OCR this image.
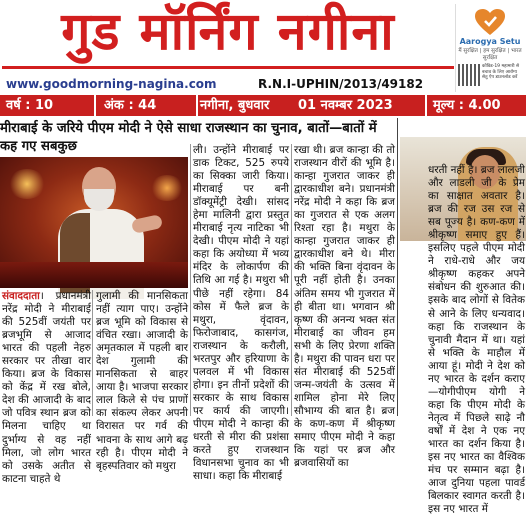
गुड मॉर्निंग नगीना
www.goodmorning-nagina.com	R.N.I-UPHIN/2013/49182
Aarogya Setu
मैं सुरक्षित | हम सुरक्षित | भारत सुरक्षित
कोविड-19 महामारी से बचाव के लिए आरोग्य सेतु ऐप डाउनलोड करें
वर्ष : 10	अंक : 44	नगीना, बुधवार 01 नवम्बर 2023	मूल्य : 4.00
मीराबाई के जरिये पीएम मोदी ने ऐसे साधा राजस्थान का चुनाव, बातों—बातों में कह गए सबकुछ
संवाददाता। प्रधानमंत्री नरेंद्र मोदी ने मीराबाई की 525वीं जयंती पर ब्रजभूमि से आजाद भारत की पहली नेहरु सरकार पर तीखा वार किया। ब्रज के विकास को केंद्र में रख बोले, देश की आजादी के बाद जो पवित्र स्थान ब्रज को मिलना चाहिए था दुर्भाग्य से वह नहीं मिला, जो लोग भारत को उसके अतीत से काटना चाहते थे
गुलामी की मानसिकता नहीं त्याग पाए। उन्होंने ब्रज भूमि को विकास से वंचित रखा। आजादी के अमृतकाल में पहली बार देश गुलामी की मानसिकता से बाहर आया है। भाजपा सरकार लाल किले से पंच प्राणों का संकल्प लेकर अपनी विरासत पर गर्व की भावना के साथ आगे बढ़ रही है। पीएम मोदी ने बृहस्पतिवार को मथुरा
ली। उन्होंने मीराबाई पर डाक टिकट, 525 रुपये का सिक्का जारी किया। मीराबाई पर बनी डॉक्यूमेंट्री देखी। सांसद हेमा मालिनी द्वारा प्रस्तुत मीराबाई नृत्य नाटिका भी देखी। पीएम मोदी ने यहां कहा कि अयोध्या में भव्य मंदिर के लोकार्पण की तिथि आ गई है। मथुरा भी पीछे नहीं रहेगा। 84 कोस में फैले ब्रज के मथुरा, वृंदावन, फिरोजाबाद, कासगंज, राजस्थान के करौली, भरतपुर और हरियाणा के पलवल में भी विकास होगा। इन तीनों प्रदेशों की सरकार के साथ विकास पर कार्य की जाएगी। पीएम मोदी ने कान्हा की धरती से मीरा की प्रशंसा करते हुए राजस्थान विधानसभा चुनाव का भी साधा। कहा कि मीराबाई
रखा थी। ब्रज कान्हा की तो राजस्थान वीरों की भूमि है। कान्हा गुजरात जाकर ही द्वारकाधीश बने। प्रधानमंत्री नरेंद्र मोदी ने कहा कि ब्रज का गुजरात से एक अलग रिश्ता रहा है। मथुरा के कान्हा गुजरात जाकर ही द्वारकाधीश बने थे। मीरा की भक्ति बिना वृंदावन के पूरी नहीं होती है। उनका अंतिम समय भी गुजरात में ही बीता था। भगवान श्री कृष्ण की अनन्य भक्त संत मीराबाई का जीवन हम सभी के लिए प्रेरणा शक्ति है। मथुरा की पावन धरा पर संत मीराबाई की 525वीं जन्म-जयंती के उत्सव में शामिल होना मेरे लिए सौभाग्य की बात है। ब्रज के कण-कण में श्रीकृष्ण समाए पीएम मोदी ने कहा कि यहां पर ब्रज और ब्रजवासियों का
धरती नहीं है। ब्रज लालजी और लाडली जी के प्रेम का साक्षात अवतार है। ब्रज की रज उस रज से सब पूज्य है। कण-कण में श्रीकृष्ण समाए हुए हैं। इसलिए पहले पीएम मोदी ने राधे-राधे और जय श्रीकृष्ण कहकर अपने संबोधन की शुरुआत की। इसके बाद लोगों से वितेक से आने के लिए धन्यवाद। कहा कि राजस्थान के चुनावी मैदान में था। यहां से भक्ति के माहौल में आया हूं। मोदी ने देश को नए भारत के दर्शन कराए—योगीपीएम योगी ने कहा कि पीएम मोदी के नेतृत्व में पिछले साढ़े नौ वर्षों में देश ने एक नए भारत का दर्शन किया है। इस नए भारत का वैश्विक मंच पर सम्मान बढ़ा है। आज दुनिया पहला पावर्ड बिलकार स्वागत करती है। इस नए भारत में
